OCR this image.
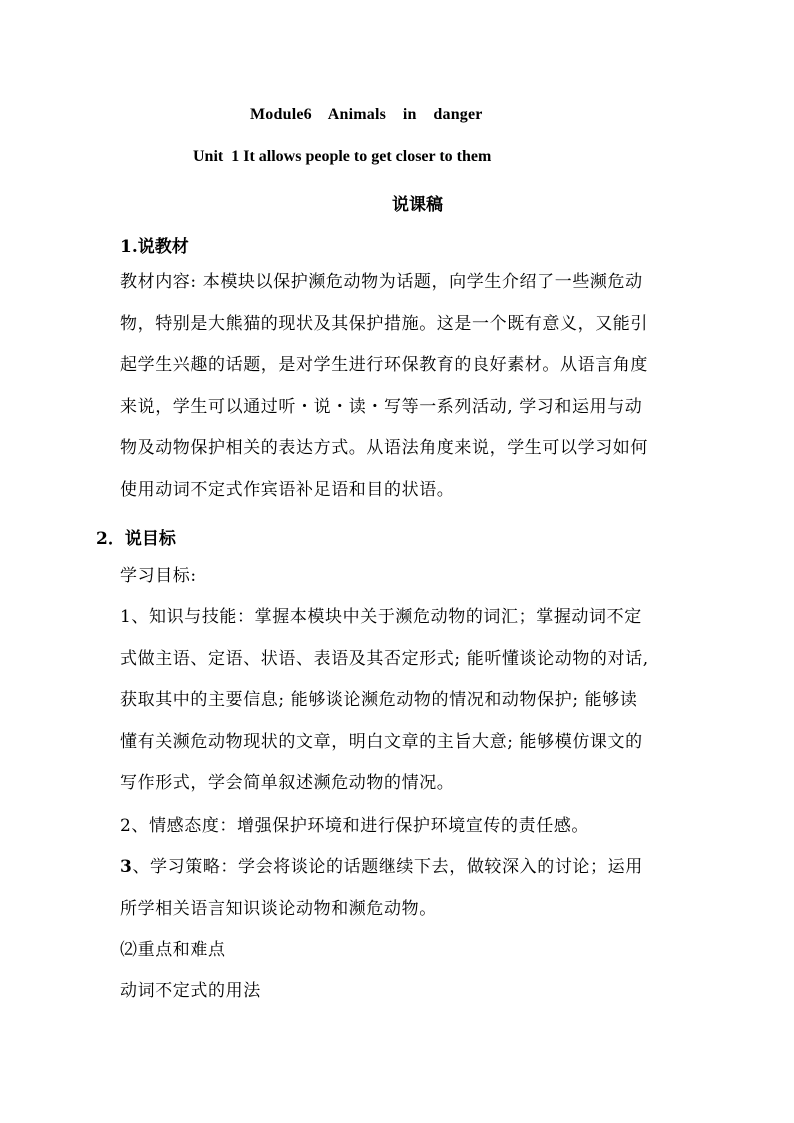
Module6    Animals    in    danger
Unit  1 It allows people to get closer to them
说课稿
1.说教材
教材内容: 本模块以保护濒危动物为话题，向学生介绍了一些濒危动
物，特别是大熊猫的现状及其保护措施。这是一个既有意义，又能引
起学生兴趣的话题，是对学生进行环保教育的良好素材。从语言角度
来说，学生可以通过听・说・读・写等一系列活动, 学习和运用与动
物及动物保护相关的表达方式。从语法角度来说，学生可以学习如何
使用动词不定式作宾语补足语和目的状语。
2．说目标
学习目标:
1、知识与技能：掌握本模块中关于濒危动物的词汇；掌握动词不定
式做主语、定语、状语、表语及其否定形式; 能听懂谈论动物的对话,
获取其中的主要信息; 能够谈论濒危动物的情况和动物保护; 能够读
懂有关濒危动物现状的文章，明白文章的主旨大意; 能够模仿课文的
写作形式，学会简单叙述濒危动物的情况。
2、情感态度：增强保护环境和进行保护环境宣传的责任感。
3、学习策略：学会将谈论的话题继续下去，做较深入的讨论；运用
所学相关语言知识谈论动物和濒危动物。
⑵重点和难点
动词不定式的用法
